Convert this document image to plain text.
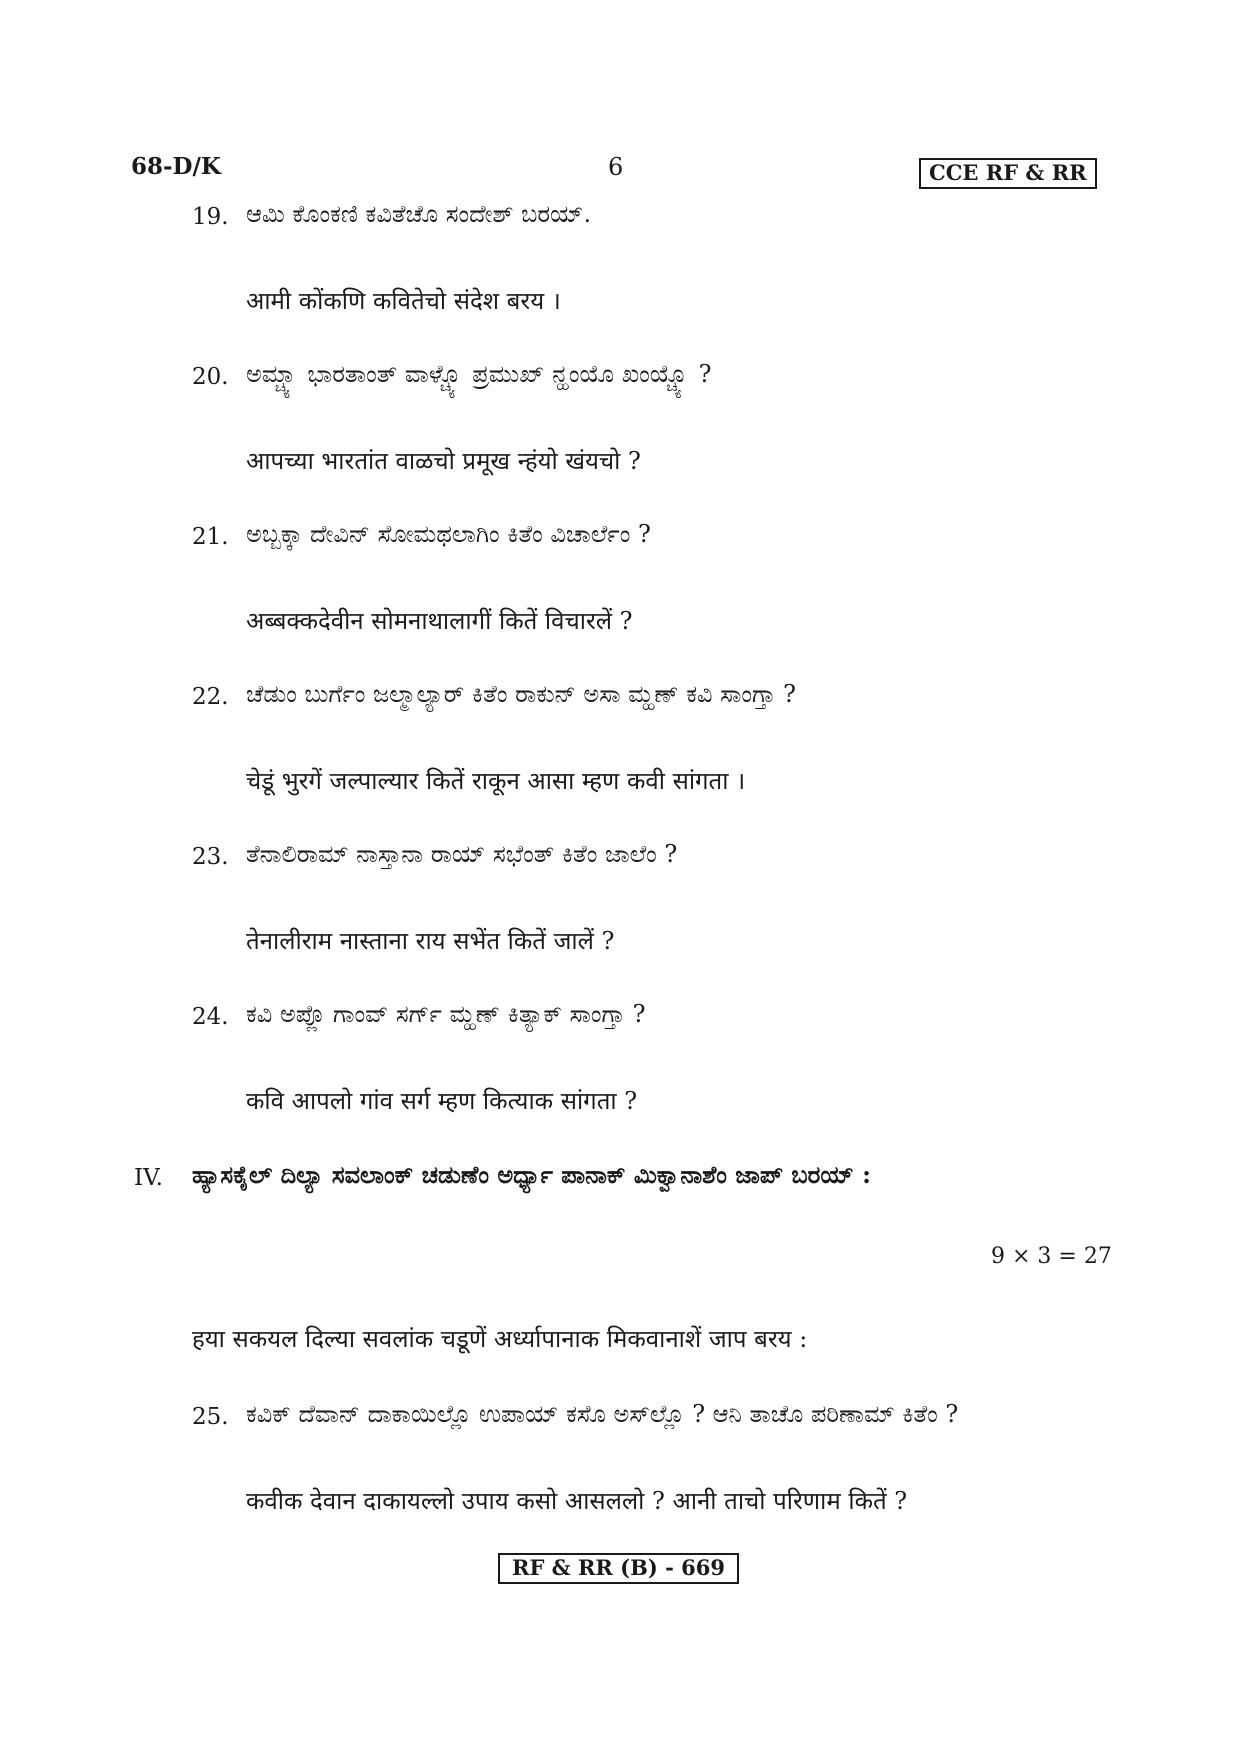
68-D/K	6	CCE RF & RR
19. ಆಮಿ ಕೊಂಕಣಿ ಕವಿತೆಚೊ ಸಂದೇಶ್ ಬರಯ್.
आमी कोंकणि कवितेचो संदेश बरय ।
20. ಅಮ್ಚ್ಯಾ ಭಾರತಾಂತ್ ವಾಳ್ಚ್ಯೊ ಪ್ರಮುಖ್ ನ್ಹಂಯೊ ಖಂಯ್ಚ್ಯೊ ?
आपच्या भारतांत वाळचो प्रमूख न्हंयो खंयचो ?
21. ಅಬ್ಬಕ್ಕಾ ದೇವಿನ್ ಸೋಮಥಲಾಗಿಂ ಕಿತೆಂ ವಿಚಾರ್ಲೆಂ ?
अब्बक्कदेवीन सोमनाथालागीं कितें विचारलें ?
22. ಚೆಡುಂ ಬುರ್ಗೆಂ ಜಲ್ಮಾಲ್ಯಾರ್ ಕಿತೆಂ ರಾಕುನ್ ಅಸಾ ಮ್ಹಣ್ ಕವಿ ಸಾಂಗ್ತಾ ?
चेडूं भुरगें जल्पाल्यार कितें राकून आसा म्हण कवी सांगता ।
23. ತೆನಾಲಿರಾಮ್ ನಾಸ್ತಾನಾ ರಾಯ್ ಸಭೆಂತ್ ಕಿತೆಂ ಜಾಲೆಂ ?
तेनालीराम नास्ताना राय सभेंत कितें जालें ?
24. ಕವಿ ಅಪ್ಲೊ ಗಾಂವ್ ಸರ್ಗ್ ಮ್ಹಣ್ ಕಿತ್ಯಾಕ್ ಸಾಂಗ್ತಾ ?
कवि आपलो गांव सर्ग म्हण कित्याक सांगता ?
IV. ಹ್ಯಾಸಕೈಲ್ ದಿಲ್ಯಾ ಸವಲಾಂಕ್ ಚಡುಣೆಂ ಅರ್ಧ್ಯಾ ಪಾನಾಕ್ ಮಿಕ್ವಾನಾಶೆಂ ಜಾಪ್ ಬರಯ್ :
9 × 3 = 27
हया सकयल दिल्या सवलांक चडूणें अर्ध्यापानाक मिकवानाशें जाप बरय :
25. ಕವಿಕ್ ದೆವಾನ್ ದಾಕಾಯಿಲ್ಲೊ ಉಪಾಯ್ ಕಸೊ ಅಸ್‌ಲ್ಲೊ ? ಆನಿ ತಾಚೊ ಪರಿಣಾಮ್ ಕಿತೆಂ ?
कवीक देवान दाकायल्लो उपाय कसो आसललो ? आनी ताचो परिणाम कितें ?
RF & RR (B) - 669
